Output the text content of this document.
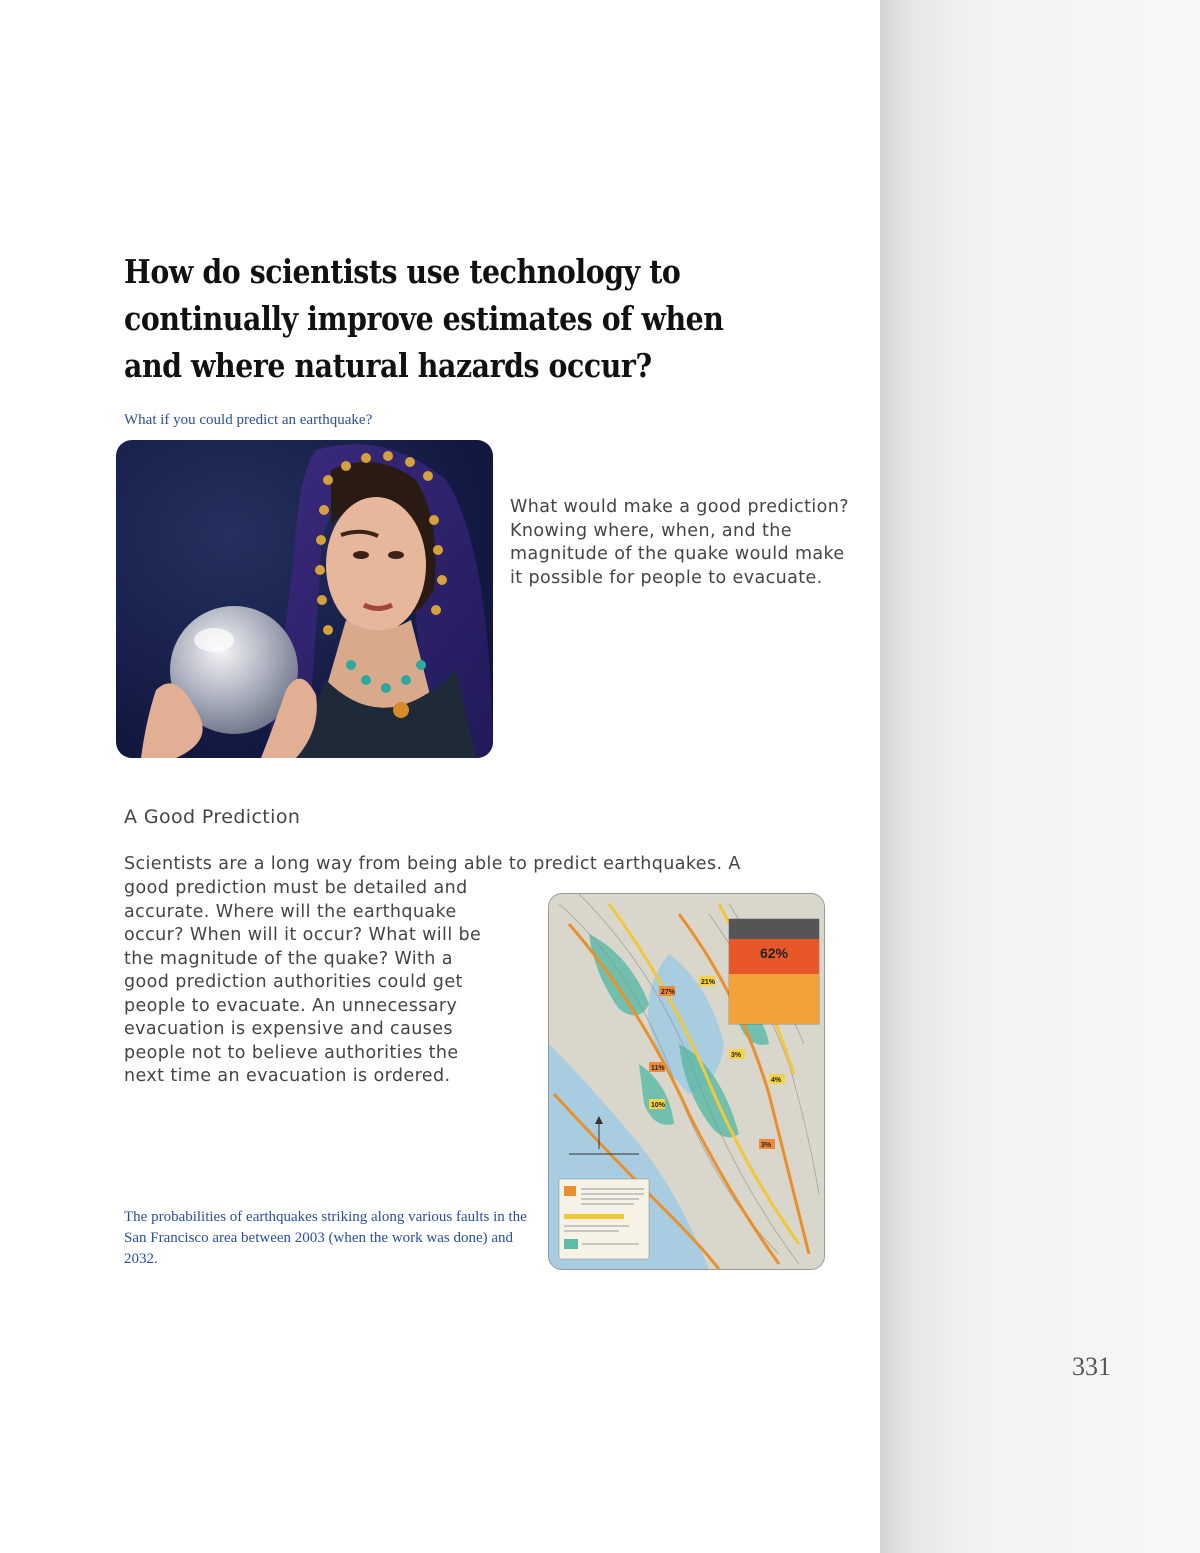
How do scientists use technology to continually improve estimates of when and where natural hazards occur?
What if you could predict an earthquake?
What would make a good prediction? Knowing where, when, and the magnitude of the quake would make it possible for people to evacuate.
A Good Prediction
Scientists are a long way from being able to predict earthquakes. A
good prediction must be detailed and
accurate. Where will the earthquake
occur? When will it occur? What will be
the magnitude of the quake? With a
good prediction authorities could get
people to evacuate. An unnecessary
evacuation is expensive and causes
people not to believe authorities the
next time an evacuation is ordered.
62%
21%
27%
3%
11%
10%
4%
3%
The probabilities of earthquakes striking along various faults in the San Francisco area between 2003 (when the work was done) and 2032.
331
